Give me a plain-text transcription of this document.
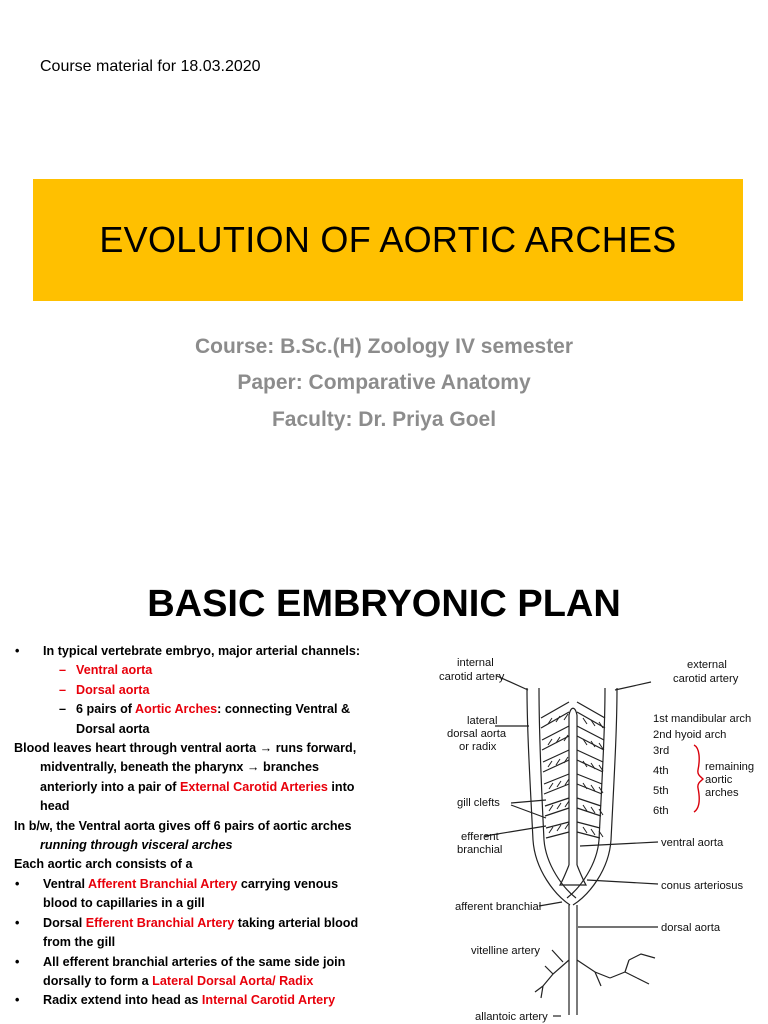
Course material for 18.03.2020
EVOLUTION OF AORTIC ARCHES
Course: B.Sc.(H) Zoology IV semester
Paper: Comparative Anatomy
Faculty: Dr. Priya Goel
BASIC EMBRYONIC PLAN
• In typical vertebrate embryo, major arterial channels:
– Ventral aorta
– Dorsal aorta
– 6 pairs of Aortic Arches: connecting Ventral &
Dorsal aorta
Blood leaves heart through ventral aorta → runs forward,
midventrally, beneath the pharynx → branches
anteriorly into a pair of External Carotid Arteries into
head
In b/w, the Ventral aorta gives off 6 pairs of aortic arches
running through visceral arches
Each aortic arch consists of a
• Ventral Afferent Branchial Artery carrying venous
blood to capillaries in a gill
• Dorsal Efferent Branchial Artery taking arterial blood
from the gill
• All efferent branchial arteries of the same side join
dorsally to form a Lateral Dorsal Aorta/ Radix
• Radix extend into head as Internal Carotid Artery
internal
carotid artery
external
carotid artery
lateral
dorsal aorta
or radix
1st mandibular arch
2nd hyoid arch
3rd
4th
5th
6th
remaining
aortic
arches
gill clefts
efferent
branchial
ventral aorta
conus arteriosus
afferent branchial
dorsal aorta
vitelline artery
allantoic artery
